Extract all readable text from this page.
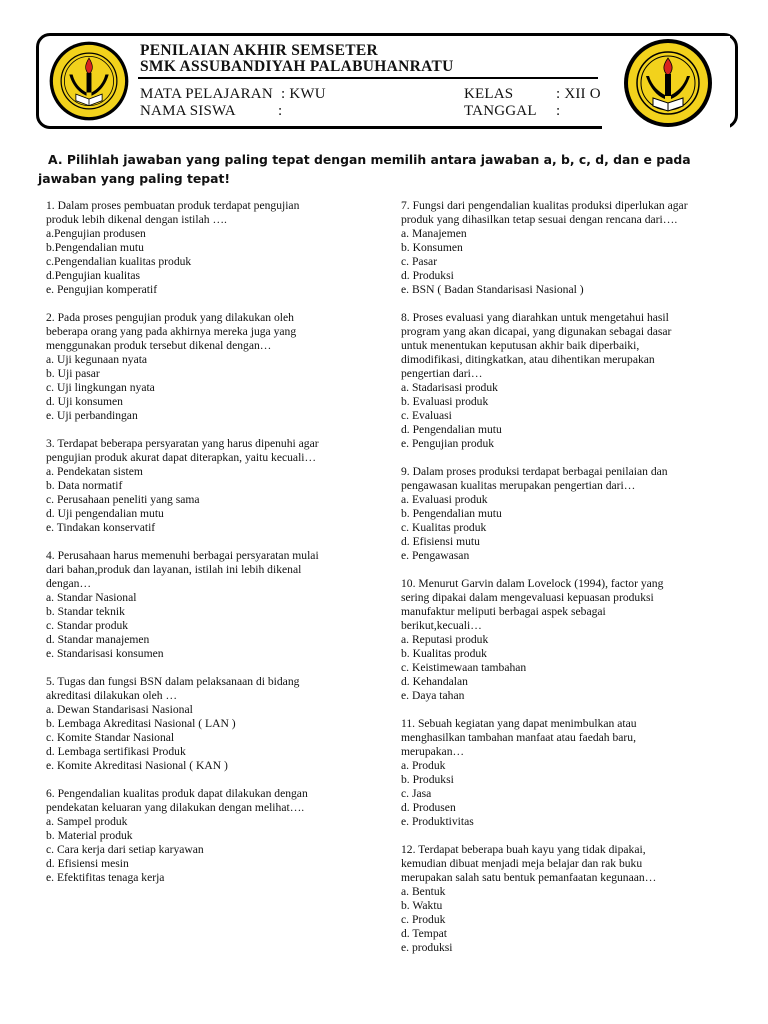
PENILAIAN AKHIR SEMSETER
SMK ASSUBANDIYAH PALABUHANRATU
MATA PELAJARAN : KWU	KELAS	: XII O
NAMA SISWA	:	TANGGAL :
A. Pilihlah jawaban yang paling tepat dengan memilih antara jawaban a, b, c, d, dan e pada jawaban yang paling tepat!
1. Dalam proses pembuatan produk terdapat pengujian
produk lebih dikenal dengan istilah ….
a.Pengujian produsen
b.Pengendalian mutu
c.Pengendalian kualitas produk
d.Pengujian kualitas
e. Pengujian komperatif
2. Pada proses pengujian produk yang dilakukan oleh
beberapa orang yang pada akhirnya mereka juga yang
menggunakan produk tersebut dikenal dengan…
a. Uji kegunaan nyata
b. Uji pasar
c. Uji lingkungan nyata
d. Uji konsumen
e. Uji perbandingan
3. Terdapat beberapa persyaratan yang harus dipenuhi agar
pengujian produk akurat dapat diterapkan, yaitu kecuali…
a. Pendekatan sistem
b. Data normatif
c. Perusahaan peneliti yang sama
d. Uji pengendalian mutu
e. Tindakan konservatif
4. Perusahaan harus memenuhi berbagai persyaratan mulai
dari bahan,produk dan layanan, istilah ini lebih dikenal
dengan…
a. Standar Nasional
b. Standar teknik
c. Standar produk
d. Standar manajemen
e. Standarisasi konsumen
5. Tugas dan fungsi BSN dalam pelaksanaan di bidang
akreditasi dilakukan oleh …
a. Dewan Standarisasi Nasional
b. Lembaga Akreditasi Nasional ( LAN )
c. Komite Standar Nasional
d. Lembaga sertifikasi Produk
e. Komite Akreditasi Nasional ( KAN )
6. Pengendalian kualitas produk dapat dilakukan dengan
pendekatan keluaran yang dilakukan dengan melihat….
a. Sampel produk
b. Material produk
c. Cara kerja dari setiap karyawan
d. Efisiensi mesin
e. Efektifitas tenaga kerja
7. Fungsi dari pengendalian kualitas produksi diperlukan agar
produk yang dihasilkan tetap sesuai dengan rencana dari….
a. Manajemen
b. Konsumen
c. Pasar
d. Produksi
e. BSN ( Badan Standarisasi Nasional )
8. Proses evaluasi yang diarahkan untuk mengetahui hasil
program yang akan dicapai, yang digunakan sebagai dasar
untuk menentukan keputusan akhir baik diperbaiki,
dimodifikasi, ditingkatkan, atau dihentikan merupakan
pengertian dari…
a. Stadarisasi produk
b. Evaluasi produk
c. Evaluasi
d. Pengendalian mutu
e. Pengujian produk
9. Dalam proses produksi terdapat berbagai penilaian dan
pengawasan kualitas merupakan pengertian dari…
a. Evaluasi produk
b. Pengendalian mutu
c. Kualitas produk
d. Efisiensi mutu
e. Pengawasan
10. Menurut Garvin dalam Lovelock (1994), factor yang
sering dipakai dalam mengevaluasi kepuasan produksi
manufaktur meliputi berbagai aspek sebagai
berikut,kecuali…
a. Reputasi produk
b. Kualitas produk
c. Keistimewaan tambahan
d. Kehandalan
e. Daya tahan
11. Sebuah kegiatan yang dapat menimbulkan atau
menghasilkan tambahan manfaat atau faedah baru,
merupakan…
a. Produk
b. Produksi
c. Jasa
d. Produsen
e. Produktivitas
12. Terdapat beberapa buah kayu yang tidak dipakai,
kemudian dibuat menjadi meja belajar dan rak buku
merupakan salah satu bentuk pemanfaatan kegunaan…
a. Bentuk
b. Waktu
c. Produk
d. Tempat
e. produksi
